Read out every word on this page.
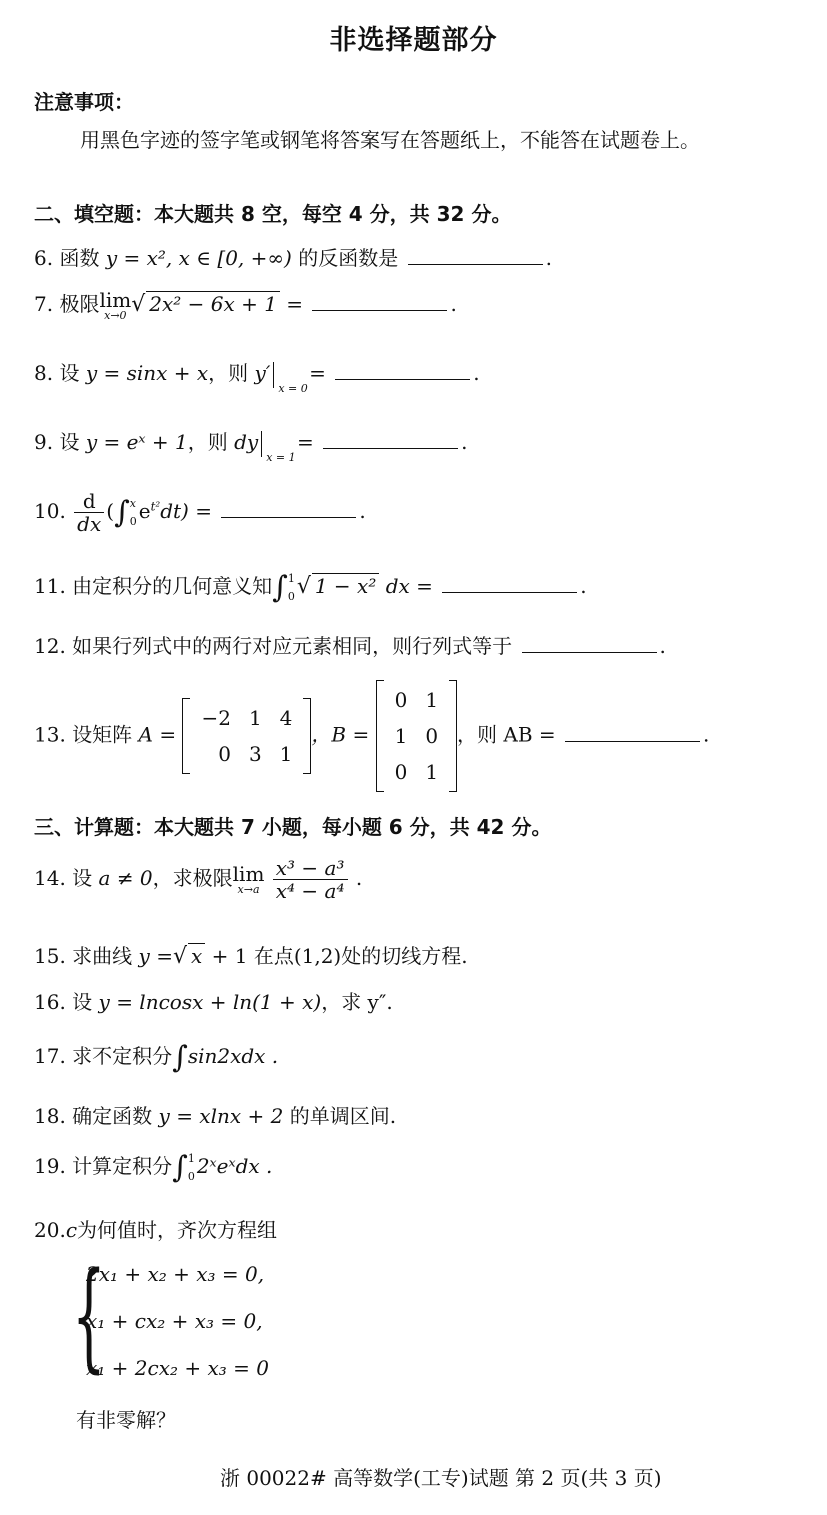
非选择题部分
注意事项：
用黑色字迹的签字笔或钢笔将答案写在答题纸上，不能答在试题卷上。
二、填空题：本大题共 8 空，每空 4 分，共 32 分。
6. 函数 y = x², x ∈ [0, +∞) 的反函数是	.
7. 极限 lim
x→0 √ 2x² − 6x + 1 =	.
8. 设 y = sinx + x，则 y′
x = 0
=	.
9. 设 y = eˣ + 1，则 dy
x = 1
=	.
10. $\frac{d}{dx}$ (∫ x
0 $e^{t^2}dt$) =	.
11. 由定积分的几何意义知∫ 1
0 √ 1 − x² dx =	.
12. 如果行列式中的两行对应元素相同，则行列式等于	.
13. 设矩阵 A =
−2	1	4
0	3	1
，B =
0	1
1	0
0	1
，则 AB =	.
三、计算题：本大题共 7 小题，每小题 6 分，共 42 分。
14. 设 a ≠ 0，求极限 lim
x→a
$\frac{\text{x³ − a³}}{\text{x⁴ − a⁴}}$ .
15. 求曲线 y =√ x + 1 在点(1,2)处的切线方程.
16. 设 y = lncosx + ln(1 + x)，求 y″.
17. 求不定积分∫sin2xdx .
18. 确定函数 y = xlnx + 2 的单调区间.
19. 计算定积分∫ 1
0 2ˣeˣdx .
20.c为何值时，齐次方程组
{
2x₁ + x₂ + x₃ = 0,
x₁ + cx₂ + x₃ = 0,
x₁ + 2cx₂ + x₃ = 0
有非零解？
浙 00022# 高等数学(工专)试题 第 2 页(共 3 页)
